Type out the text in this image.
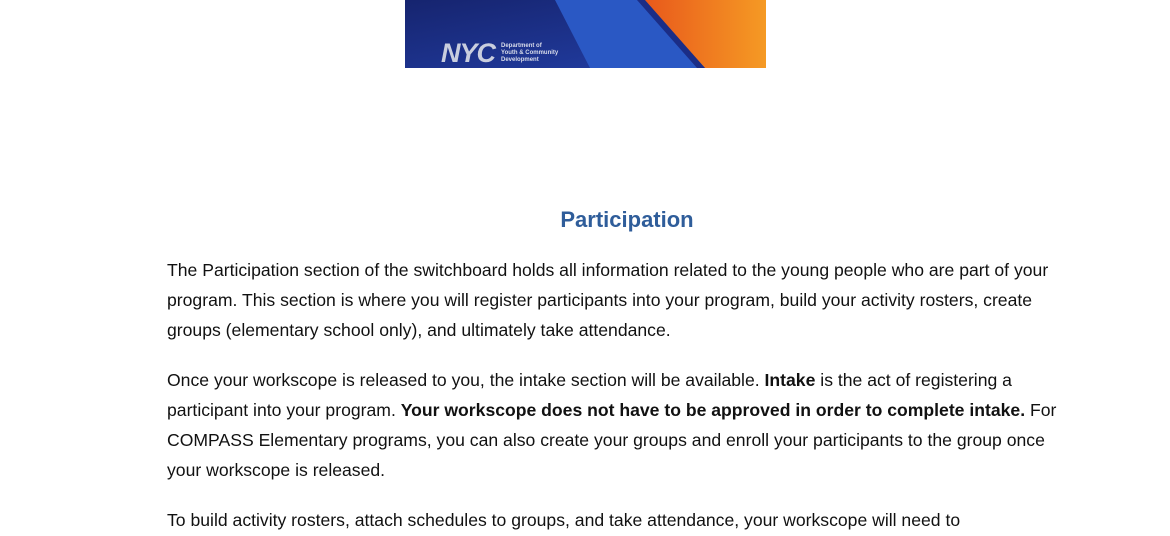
NYC Department of
Youth & Community
Development
Participation

The Participation section of the switchboard holds all information related to the young people who are part of your program. This section is where you will register participants into your program, build your activity rosters, create groups (elementary school only), and ultimately take attendance.

Once your workscope is released to you, the intake section will be available. Intake is the act of registering a participant into your program. Your workscope does not have to be approved in order to complete intake. For COMPASS Elementary programs, you can also create your groups and enroll your participants to the group once your workscope is released.

To build activity rosters, attach schedules to groups, and take attendance, your workscope will need to
